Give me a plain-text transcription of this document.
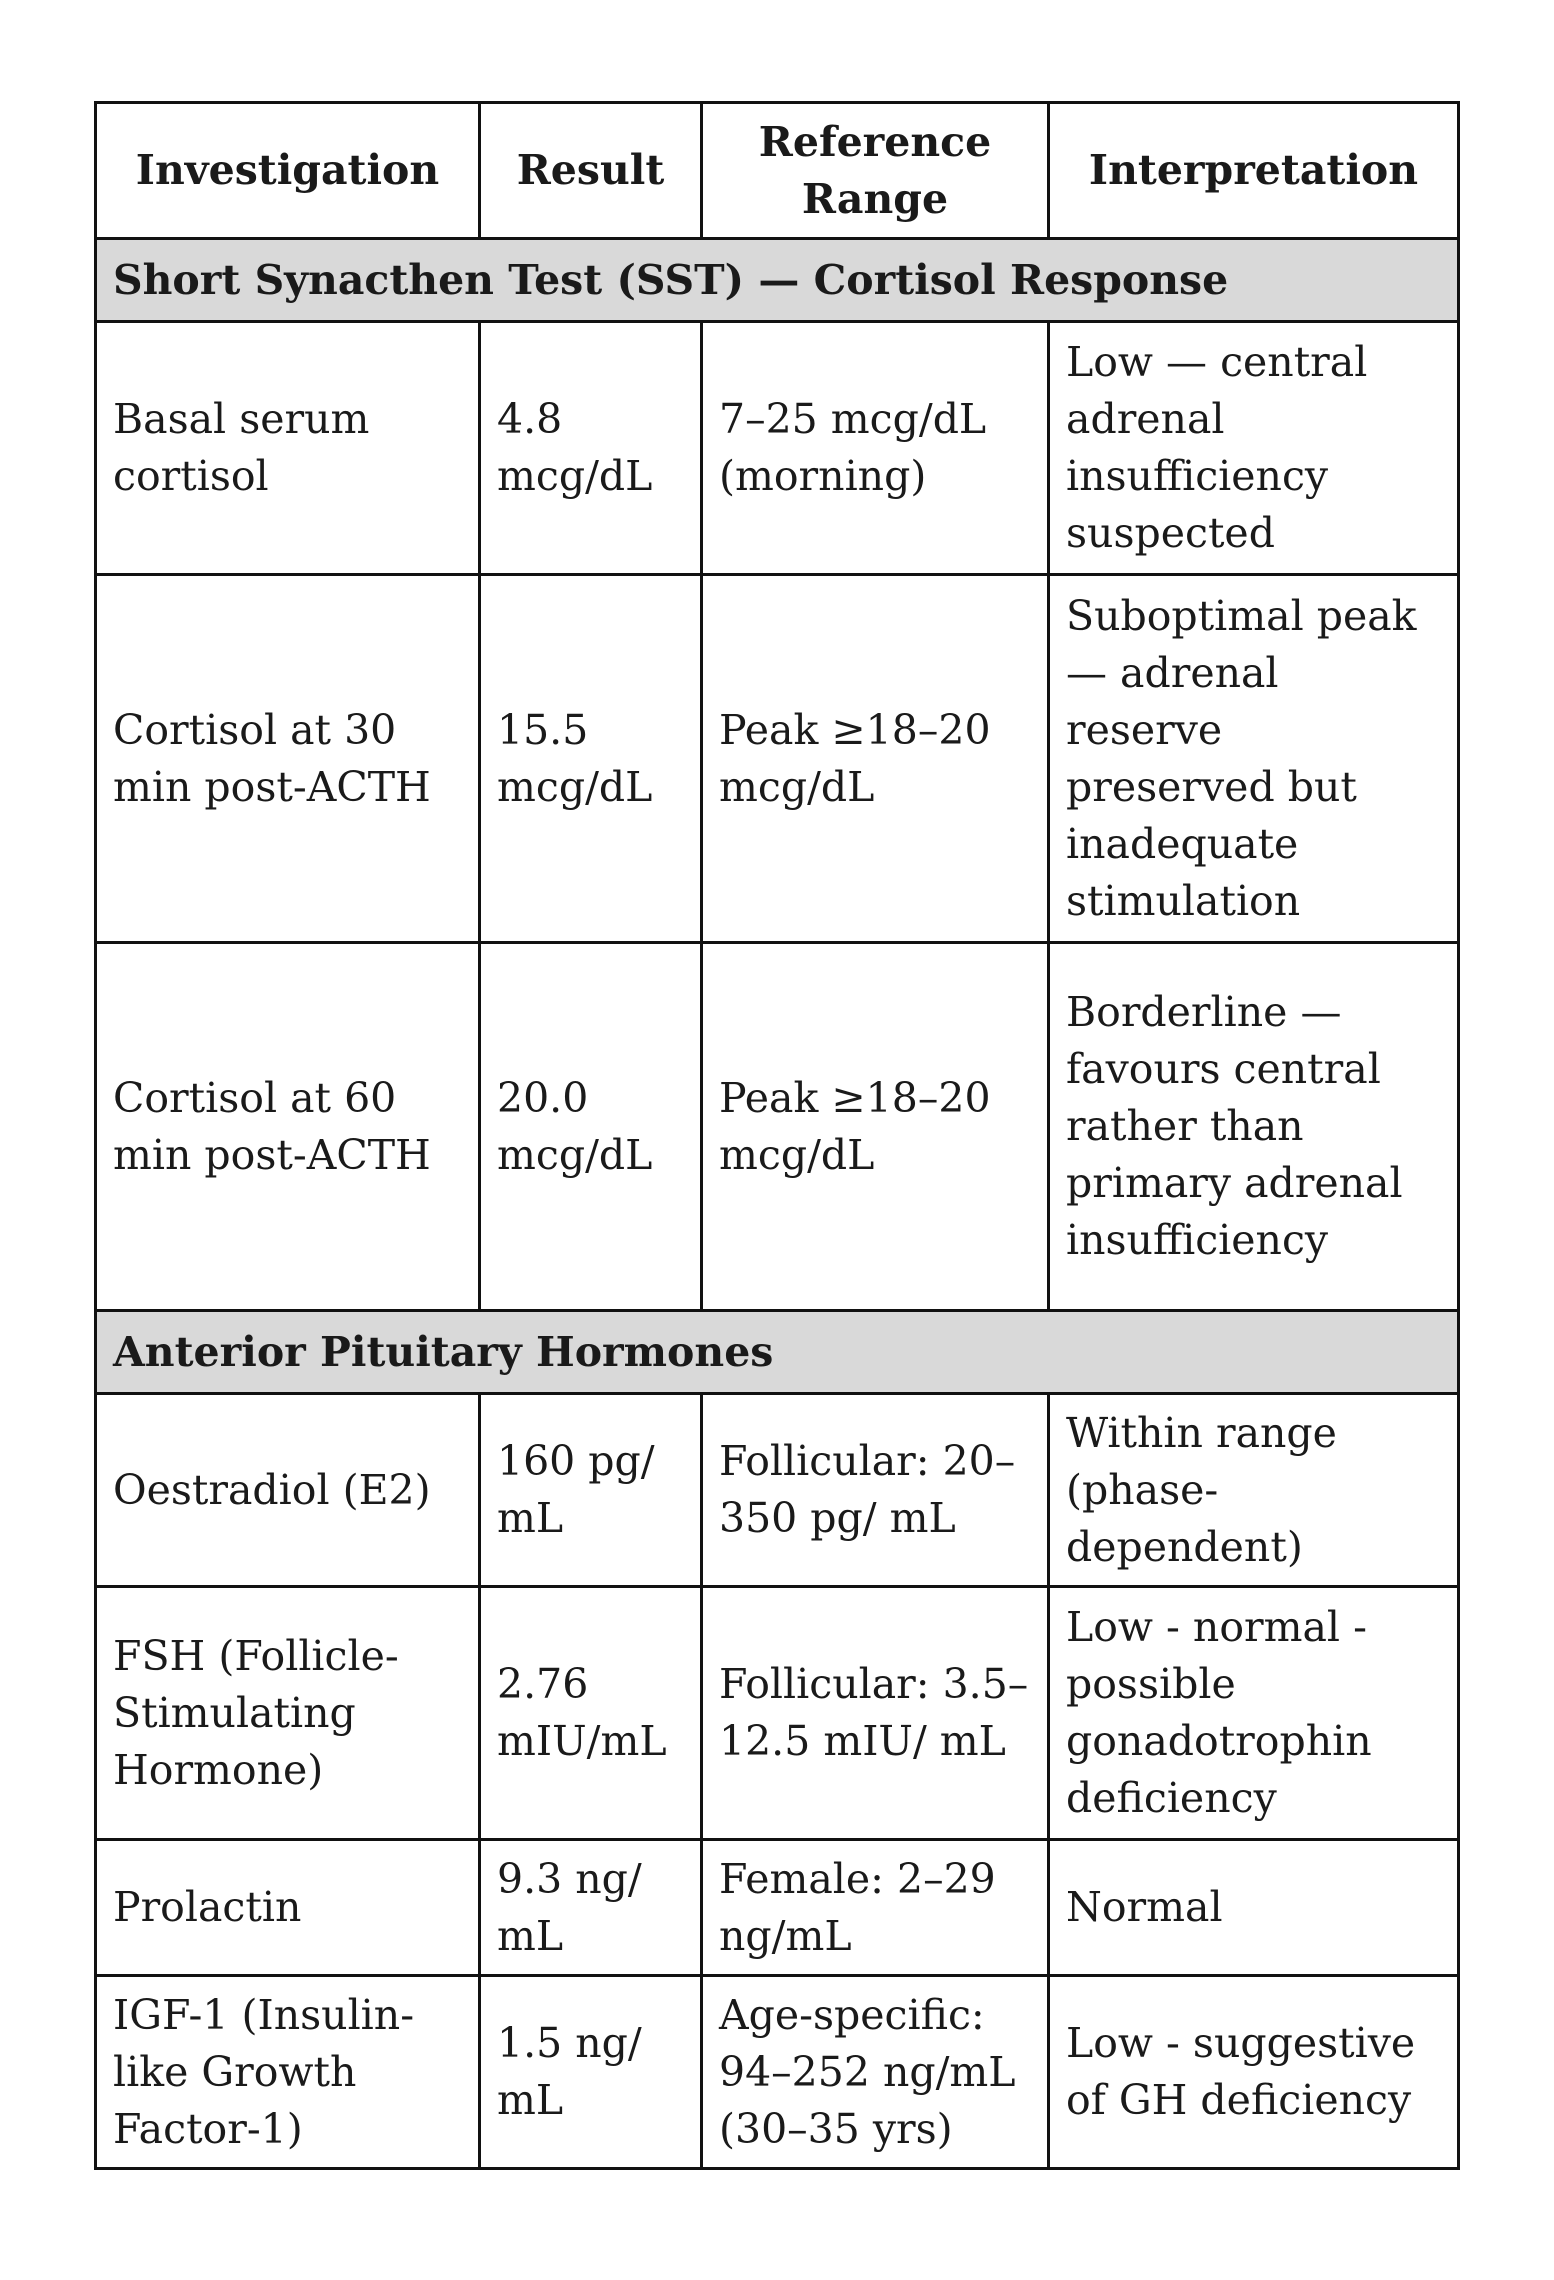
Investigation	Result	Reference Range	Interpretation
Short Synacthen Test (SST) — Cortisol Response			
Basal serum cortisol	4.8 mcg/dL	7–25 mcg/dL (morning)	Low — central adrenal insufficiency suspected
Cortisol at 30 min post-ACTH	15.5 mcg/dL	Peak ≥18–20 mcg/dL	Suboptimal peak — adrenal reserve preserved but inadequate stimulation
Cortisol at 60 min post-ACTH	20.0 mcg/dL	Peak ≥18–20 mcg/dL	Borderline — favours central rather than primary adrenal insufficiency
Anterior Pituitary Hormones			
Oestradiol (E2)	160 pg/ mL	Follicular: 20–350 pg/ mL	Within range (phase- dependent)
FSH (Follicle- Stimulating Hormone)	2.76 mIU/mL	Follicular: 3.5–12.5 mIU/ mL	Low - normal - possible gonadotrophin deficiency
Prolactin	9.3 ng/ mL	Female: 2–29 ng/mL	Normal
IGF-1 (Insulin- like Growth Factor-1)	1.5 ng/ mL	Age-specific: 94–252 ng/mL (30–35 yrs)	Low - suggestive of GH deficiency
